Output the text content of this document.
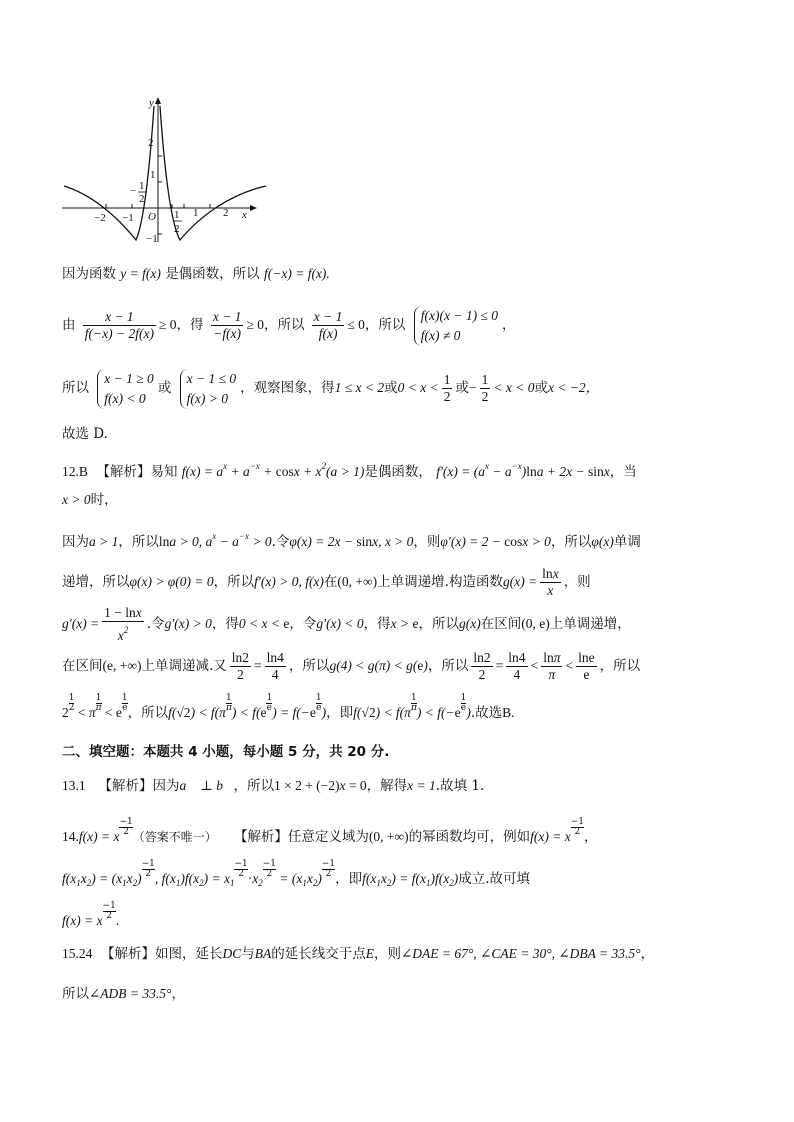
y
x
O
−2 −1	1 2
2
1
−1
− 1
2
1
2
因为函数 y = f(x) 是偶函数，所以 f(−x) = f(x).
由 $\frac{x - 1}{f(-x) - 2f(x)} \ge 0$，得 $\frac{x - 1}{-f(x)} \ge 0$，所以 $\frac{x - 1}{f(x)} \le 0$，所以
f(x)(x − 1) ≤ 0
f(x) ≠ 0
，
所以
x − 1 ≥ 0
f(x) < 0
或
x − 1 ≤ 0
f(x) > 0
，观察图象，得1 ≤ x < 2或$0 < x < \frac{1}{2}$ 或− $\frac{1}{2} < x < 0$或x < −2，
故选 D.
12.B 【解析】易知 $f(x) = a^x + a^{-x} + \cos x + x^2(a > 1)$是偶函数， $f'(x) = (a^x - a^{-x})\ln a + 2x - \sin x$，当
x > 0时，
因为a > 1，所以lna > 0, $a^x - a^{-x} > 0$.令φ(x) = 2x − sinx, x > 0，则φ′(x) = 2 − cosx > 0，所以φ(x)单调
递增，所以φ(x) > φ(0) = 0，所以f′(x) > 0, f(x)在(0, +∞)上单调递增.构造函数$g(x) = \frac{\ln x}{x}$ ，则
$g'(x) = \frac{1 - \ln x}{x^2}$ .令g′(x) > 0，得0 < x < e，令g′(x) < 0，得x > e，所以g(x)在区间(0, e)上单调递增，
在区间(e, +∞)上单调递减.又 $\frac{\ln 2}{2} = \frac{\ln 4}{4}$ ，所以g(4) < g(π) < g(e)，所以 $\frac{\ln 2}{2} = \frac{\ln 4}{4} < \frac{\ln\pi}{\pi} < \frac{\ln e}{e}$ ，所以
$2 \frac{1}{2} < \pi \frac{1}{\pi} < e \frac{1}{e}$ ，所以$f(√2) < f(\pi \frac{1}{\pi}$ ) < $f(e \frac{1}{e}$ ) = $f(-e \frac{1}{e}$ )，即$f(√2) < f(\pi \frac{1}{\pi}$ ) < $f(-e \frac{1}{e}$ ).故选B.
二、填空题：本题共 4 小题，每小题 5 分，共 20 分.
13.1 【解析】因为a⃗ ⊥ b⃗，所以1 × 2 + (−2)x = 0，解得x = 1.故填 1.
14.f(x) = x $\frac{-1}{2}$ （答案不唯一） 【解析】任意定义域为(0, +∞)的幂函数均可，例如f(x) = x $\frac{-1}{2}$ ，
$f(x_1x_2) = (x_1x_2) \frac{-1}{2}$ , $f(x_1)f(x_2) = x_1$
$\frac{-1}{2} \cdot x_2$
$\frac{-1}{2} = (x_1x_2) \frac{-1}{2}$ ，即$f(x_1x_2) = f(x_1)f(x_2)$成立.故可填
f(x) = x $\frac{-1}{2}$ .
15.24 【解析】如图，延长DC与BA的延长线交于点E，则∠DAE = 67°, ∠CAE = 30°, ∠DBA = 33.5°，
所以∠ADB = 33.5°，
